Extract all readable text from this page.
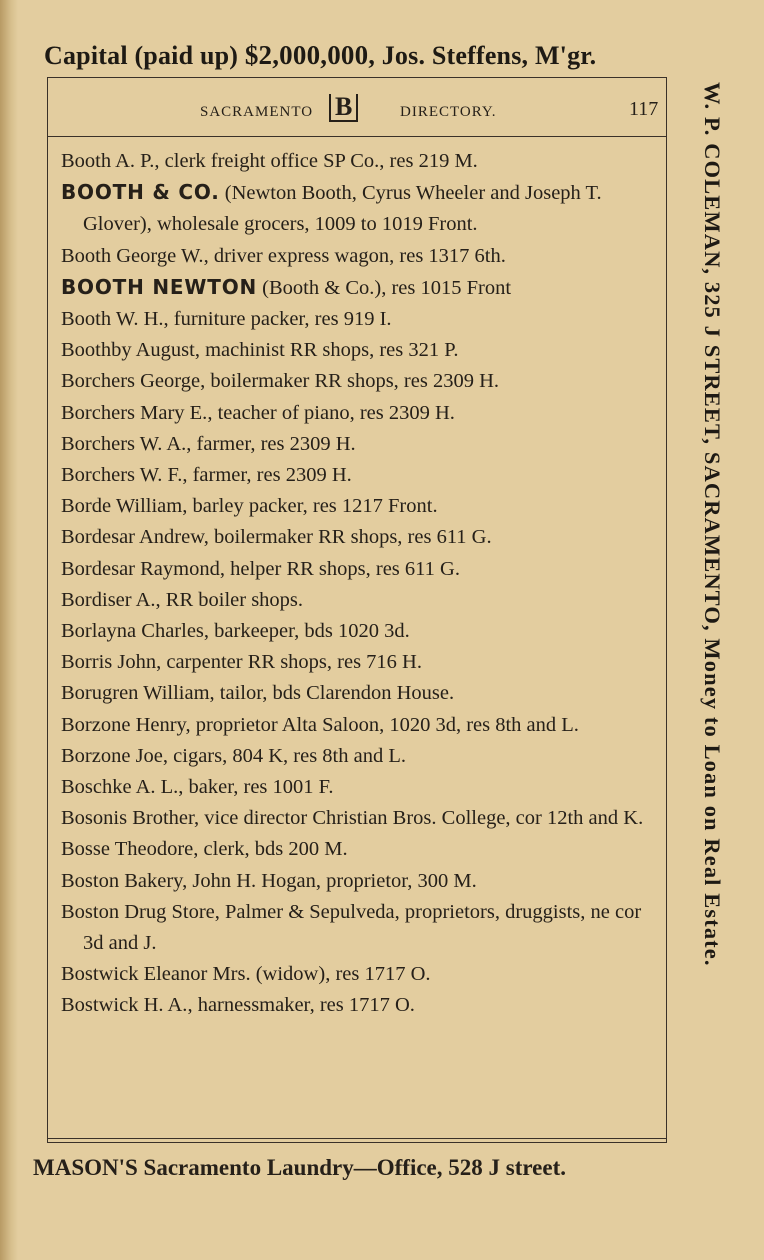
Capital (paid up) $2,000,000, Jos. Steffens, M'gr.
SACRAMENTO B	DIRECTORY.	117
Booth A. P., clerk freight office SP Co., res 219 M.
BOOTH & CO. (Newton Booth, Cyrus Wheeler and Joseph T. Glover), wholesale grocers, 1009 to 1019 Front.
Booth George W., driver express wagon, res 1317 6th.
BOOTH NEWTON (Booth & Co.), res 1015 Front
Booth W. H., furniture packer, res 919 I.
Boothby August, machinist RR shops, res 321 P.
Borchers George, boilermaker RR shops, res 2309 H.
Borchers Mary E., teacher of piano, res 2309 H.
Borchers W. A., farmer, res 2309 H.
Borchers W. F., farmer, res 2309 H.
Borde William, barley packer, res 1217 Front.
Bordesar Andrew, boilermaker RR shops, res 611 G.
Bordesar Raymond, helper RR shops, res 611 G.
Bordiser A., RR boiler shops.
Borlayna Charles, barkeeper, bds 1020 3d.
Borris John, carpenter RR shops, res 716 H.
Borugren William, tailor, bds Clarendon House.
Borzone Henry, proprietor Alta Saloon, 1020 3d, res 8th and L.
Borzone Joe, cigars, 804 K, res 8th and L.
Boschke A. L., baker, res 1001 F.
Bosonis Brother, vice director Christian Bros. College, cor 12th and K.
Bosse Theodore, clerk, bds 200 M.
Boston Bakery, John H. Hogan, proprietor, 300 M.
Boston Drug Store, Palmer & Sepulveda, proprietors, druggists, ne cor 3d and J.
Bostwick Eleanor Mrs. (widow), res 1717 O.
Bostwick H. A., harnessmaker, res 1717 O.
W. P. COLEMAN, 325 J STREET, SACRAMENTO, Money to Loan on Real Estate.
MASON'S Sacramento Laundry—Office, 528 J street.
